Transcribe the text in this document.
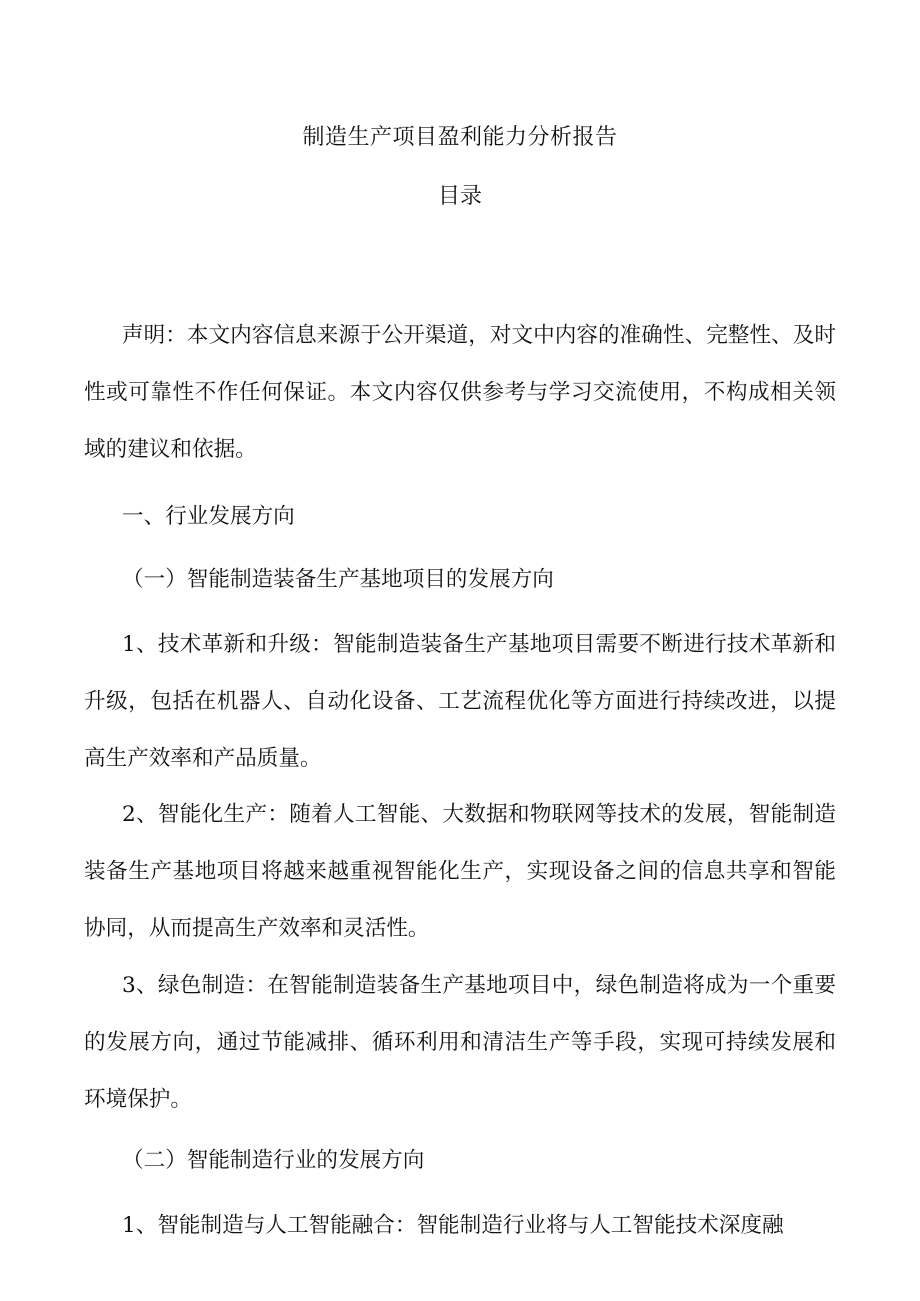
制造生产项目盈利能力分析报告
目录

声明：本文内容信息来源于公开渠道，对文中内容的准确性、完整性、及时性或可靠性不作任何保证。本文内容仅供参考与学习交流使用，不构成相关领域的建议和依据。

一、行业发展方向
（一）智能制造装备生产基地项目的发展方向

1、技术革新和升级：智能制造装备生产基地项目需要不断进行技术革新和升级，包括在机器人、自动化设备、工艺流程优化等方面进行持续改进，以提高生产效率和产品质量。

2、智能化生产：随着人工智能、大数据和物联网等技术的发展，智能制造装备生产基地项目将越来越重视智能化生产，实现设备之间的信息共享和智能协同，从而提高生产效率和灵活性。

3、绿色制造：在智能制造装备生产基地项目中，绿色制造将成为一个重要的发展方向，通过节能减排、循环利用和清洁生产等手段，实现可持续发展和环境保护。

（二）智能制造行业的发展方向

1、智能制造与人工智能融合：智能制造行业将与人工智能技术深度融
